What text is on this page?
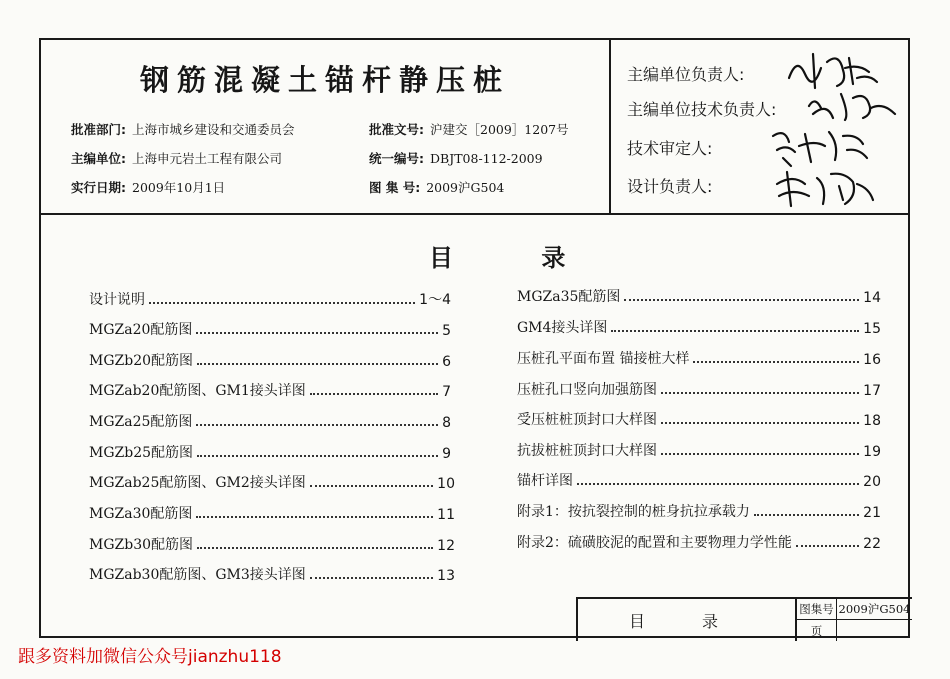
钢筋混凝土锚杆静压桩
批准部门: 上海市城乡建设和交通委员会	批准文号: 沪建交［2009］1207号
主编单位: 上海申元岩土工程有限公司	统一编号: DBJT08-112-2009
实行日期: 2009年10月1日	图 集 号: 2009沪G504
主编单位负责人:
主编单位技术负责人:
技术审定人:
设计负责人:
目 录
设计说明	1～4
MGZa20配筋图	5
MGZb20配筋图	6
MGZab20配筋图、GM1接头详图	7
MGZa25配筋图	8
MGZb25配筋图	9
MGZab25配筋图、GM2接头详图	10
MGZa30配筋图	11
MGZb30配筋图	12
MGZab30配筋图、GM3接头详图	13
MGZa35配筋图	14
GM4接头详图	15
压桩孔平面布置 锚接桩大样	16
压桩孔口竖向加强筋图	17
受压桩桩顶封口大样图	18
抗拔桩桩顶封口大样图	19
锚杆详图	20
附录1：按抗裂控制的桩身抗拉承载力	21
附录2：硫磺胶泥的配置和主要物理力学性能	22
目 录
图集号 2009沪G504
页
跟多资料加微信公众号jianzhu118
